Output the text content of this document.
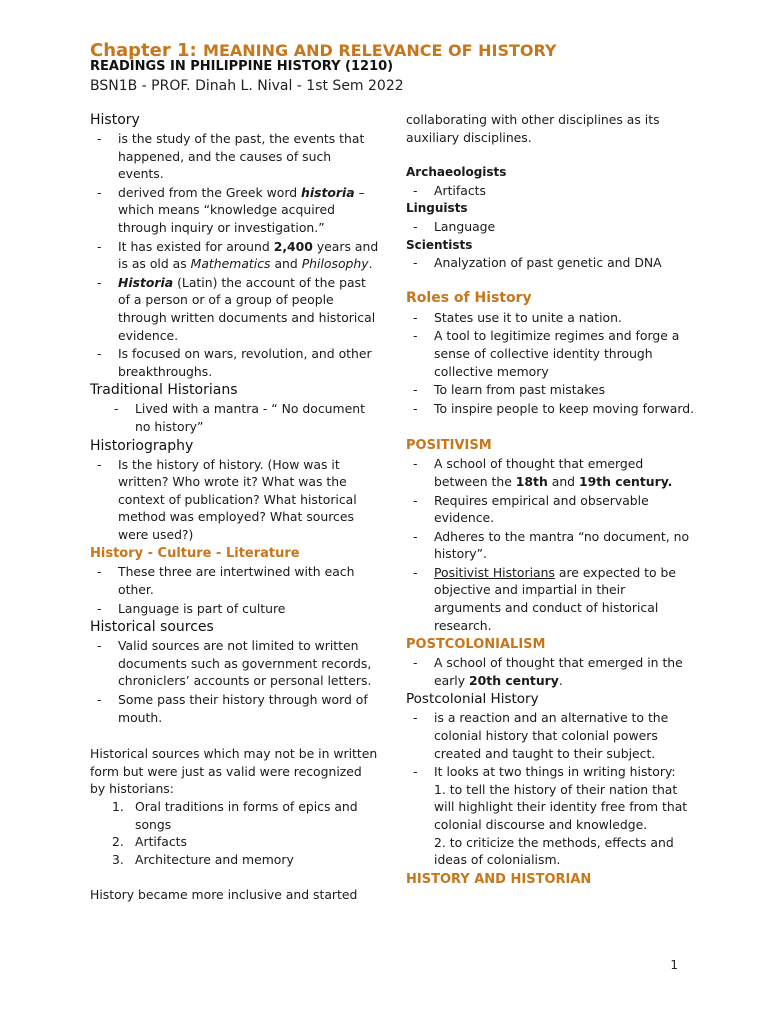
Chapter 1: MEANING AND RELEVANCE OF HISTORY
READINGS IN PHILIPPINE HISTORY (1210)
BSN1B - PROF. Dinah L. Nival - 1st Sem 2022
History
- is the study of the past, the events that happened, and the causes of such events.
- derived from the Greek word historia – which means “knowledge acquired through inquiry or investigation.”
- It has existed for around 2,400 years and is as old as Mathematics and Philosophy.
- Historia (Latin) the account of the past of a person or of a group of people through written documents and historical evidence.
- Is focused on wars, revolution, and other breakthroughs.
Traditional Historians
- Lived with a mantra - “ No document no history”
Historiography
- Is the history of history. (How was it written? Who wrote it? What was the context of publication? What historical method was employed? What sources were used?)
History - Culture - Literature
- These three are intertwined with each other.
- Language is part of culture
Historical sources
- Valid sources are not limited to written documents such as government records, chroniclers’ accounts or personal letters.
- Some pass their history through word of mouth.

Historical sources which may not be in written form but were just as valid were recognized by historians:

1. Oral traditions in forms of epics and songs
2. Artifacts
3. Architecture and memory

History became more inclusive and started

collaborating with other disciplines as its auxiliary disciplines.

Archaeologists
- Artifacts
Linguists
- Language
Scientists
- Analyzation of past genetic and DNA
Roles of History
- States use it to unite a nation.
- A tool to legitimize regimes and forge a sense of collective identity through collective memory
- To learn from past mistakes
- To inspire people to keep moving forward.
POSITIVISM
- A school of thought that emerged between the 18th and 19th century.
- Requires empirical and observable evidence.
- Adheres to the mantra “no document, no history”.
- Positivist Historians are expected to be objective and impartial in their arguments and conduct of historical research.
POSTCOLONIALISM
- A school of thought that emerged in the early 20th century.
Postcolonial History
- is a reaction and an alternative to the colonial history that colonial powers created and taught to their subject.
- It looks at two things in writing history:
1. to tell the history of their nation that will highlight their identity free from that colonial discourse and knowledge.
2. to criticize the methods, effects and ideas of colonialism.
HISTORY AND HISTORIAN
1
